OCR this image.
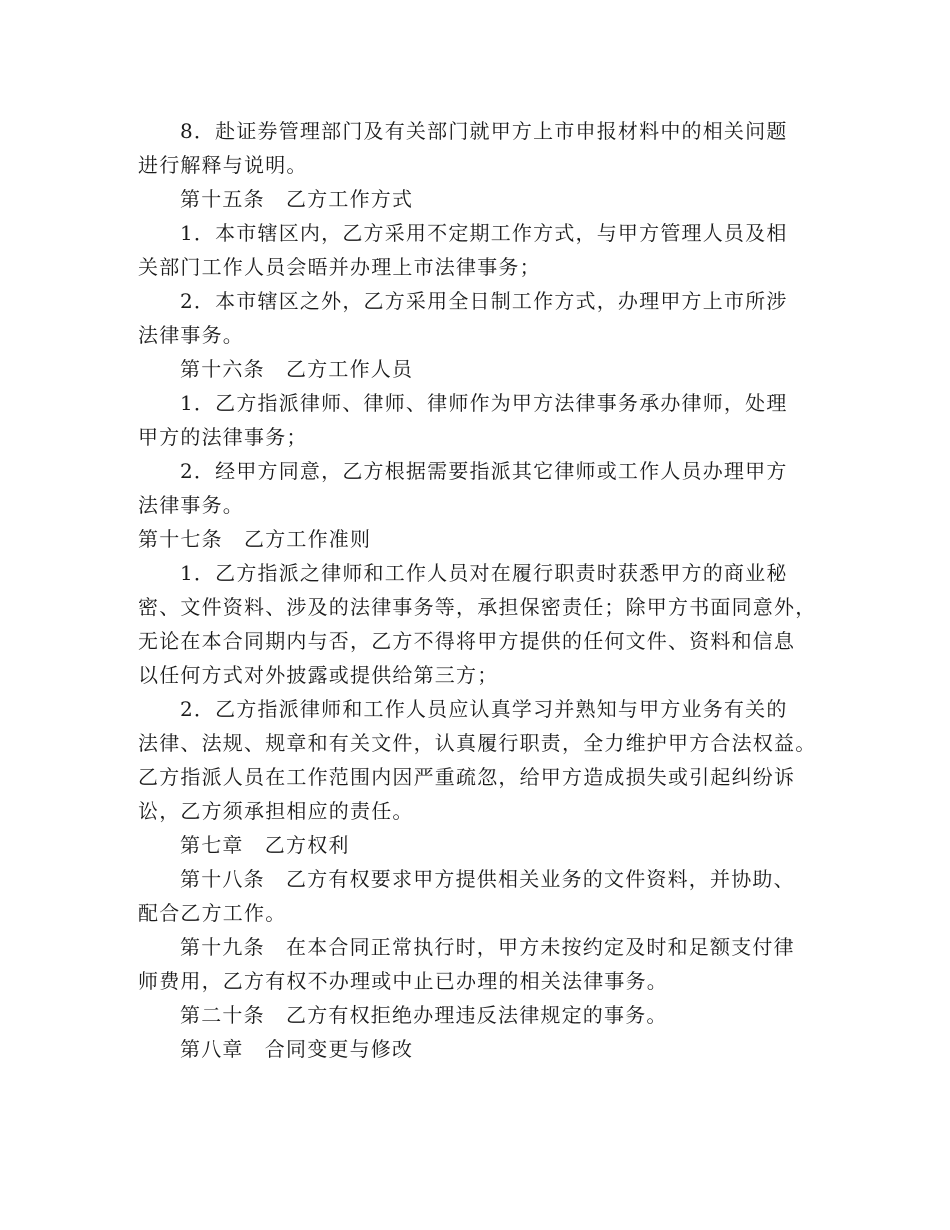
8．赴证券管理部门及有关部门就甲方上市申报材料中的相关问题
进行解释与说明。
第十五条　乙方工作方式
1．本市辖区内，乙方采用不定期工作方式，与甲方管理人员及相
关部门工作人员会晤并办理上市法律事务；
2．本市辖区之外，乙方采用全日制工作方式，办理甲方上市所涉
法律事务。
第十六条　乙方工作人员
1．乙方指派律师、律师、律师作为甲方法律事务承办律师，处理
甲方的法律事务；
2．经甲方同意，乙方根据需要指派其它律师或工作人员办理甲方
法律事务。
第十七条　乙方工作准则
1．乙方指派之律师和工作人员对在履行职责时获悉甲方的商业秘
密、文件资料、涉及的法律事务等，承担保密责任；除甲方书面同意外，
无论在本合同期内与否，乙方不得将甲方提供的任何文件、资料和信息
以任何方式对外披露或提供给第三方；
2．乙方指派律师和工作人员应认真学习并熟知与甲方业务有关的
法律、法规、规章和有关文件，认真履行职责，全力维护甲方合法权益。
乙方指派人员在工作范围内因严重疏忽，给甲方造成损失或引起纠纷诉
讼，乙方须承担相应的责任。
第七章　乙方权利
第十八条　乙方有权要求甲方提供相关业务的文件资料，并协助、
配合乙方工作。
第十九条　在本合同正常执行时，甲方未按约定及时和足额支付律
师费用，乙方有权不办理或中止已办理的相关法律事务。
第二十条　乙方有权拒绝办理违反法律规定的事务。
第八章　合同变更与修改
